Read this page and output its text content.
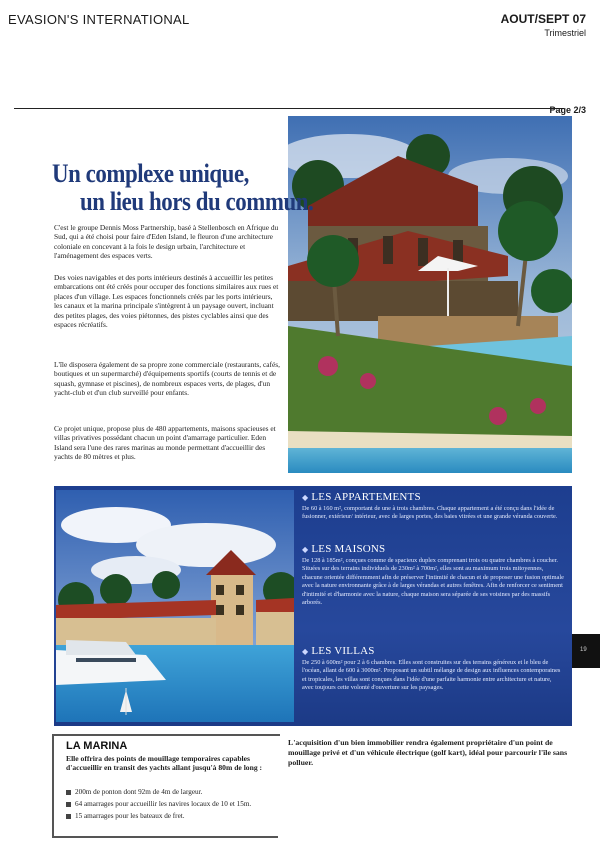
EVASION'S INTERNATIONAL	AOUT/SEPT 07
Trimestriel
Page 2/3
Un complexe unique,
un lieu hors du commun.

C'est le groupe Dennis Moss Partnership, basé à Stellenbosch en Afrique du Sud, qui a été choisi pour faire d'Eden Island, le fleuron d'une architecture coloniale en concevant à la fois le design urbain, l'architecture et l'aménagement des espaces verts.

Des voies navigables et des ports intérieurs destinés à accueillir les petites embarcations ont été créés pour occuper des fonctions similaires aux rues et places d'un village. Les espaces fonctionnels créés par les ports intérieurs, les canaux et la marina principale s'intègrent à un paysage ouvert, incluant des petites plages, des voies piétonnes, des pistes cyclables ainsi que des espaces récréatifs.

L'île disposera également de sa propre zone commerciale (restaurants, cafés, boutiques et un supermarché) d'équipements sportifs (courts de tennis et de squash, gymnase et piscines), de nombreux espaces verts, de plages, d'un yacht-club et d'un club surveillé pour enfants.

Ce projet unique, propose plus de 480 appartements, maisons spacieuses et villas privatives possédant chacun un point d'amarrage particulier. Eden Island sera l'une des rares marinas au monde permettant d'accueillir des yachts de 80 mètres et plus.

◆ LES APPARTEMENTS
De 60 à 160 m², comportant de une à trois chambres. Chaque appartement a été conçu dans l'idée de fusionner, extérieur/ intérieur, avec de larges portes, des baies vitrées et une grande véranda couverte.
◆ LES MAISONS
De 128 à 185m², conçues comme de spacieux duplex comprenant trois ou quatre chambres à coucher. Situées sur des terrains individuels de 230m² à 700m², elles sont au maximum trois mitoyennes, chacune orientée différemment afin de préserver l'intimité de chacun et de proposer une fusion optimale avec la nature environnante grâce à de larges vérandas et autres fenêtres. Afin de renforcer ce sentiment d'intimité et d'harmonie avec la nature, chaque maison sera séparée de ses voisines par des massifs arborés.
◆ LES VILLAS
De 250 à 600m² pour 2 à 6 chambres. Elles sont construites sur des terrains généreux et le bleu de l'océan, allant de 600 à 3000m². Proposant un subtil mélange de design aux influences contemporaines et tropicales, les villas sont conçues dans l'idée d'une parfaite harmonie entre architecture et nature, avec toujours cette volonté d'ouverture sur les paysages.
19
LA MARINA
Elle offrira des points de mouillage temporaires capables d'accueillir en transit des yachts allant jusqu'à 80m de long :
200m de ponton dont 92m de 4m de largeur.
64 amarrages pour accueillir les navires locaux de 10 et 15m.
15 amarrages pour les bateaux de fret.
L'acquisition d'un bien immobilier rendra également propriétaire d'un point de mouillage privé et d'un véhicule électrique (golf kart), idéal pour parcourir l'île sans polluer.
